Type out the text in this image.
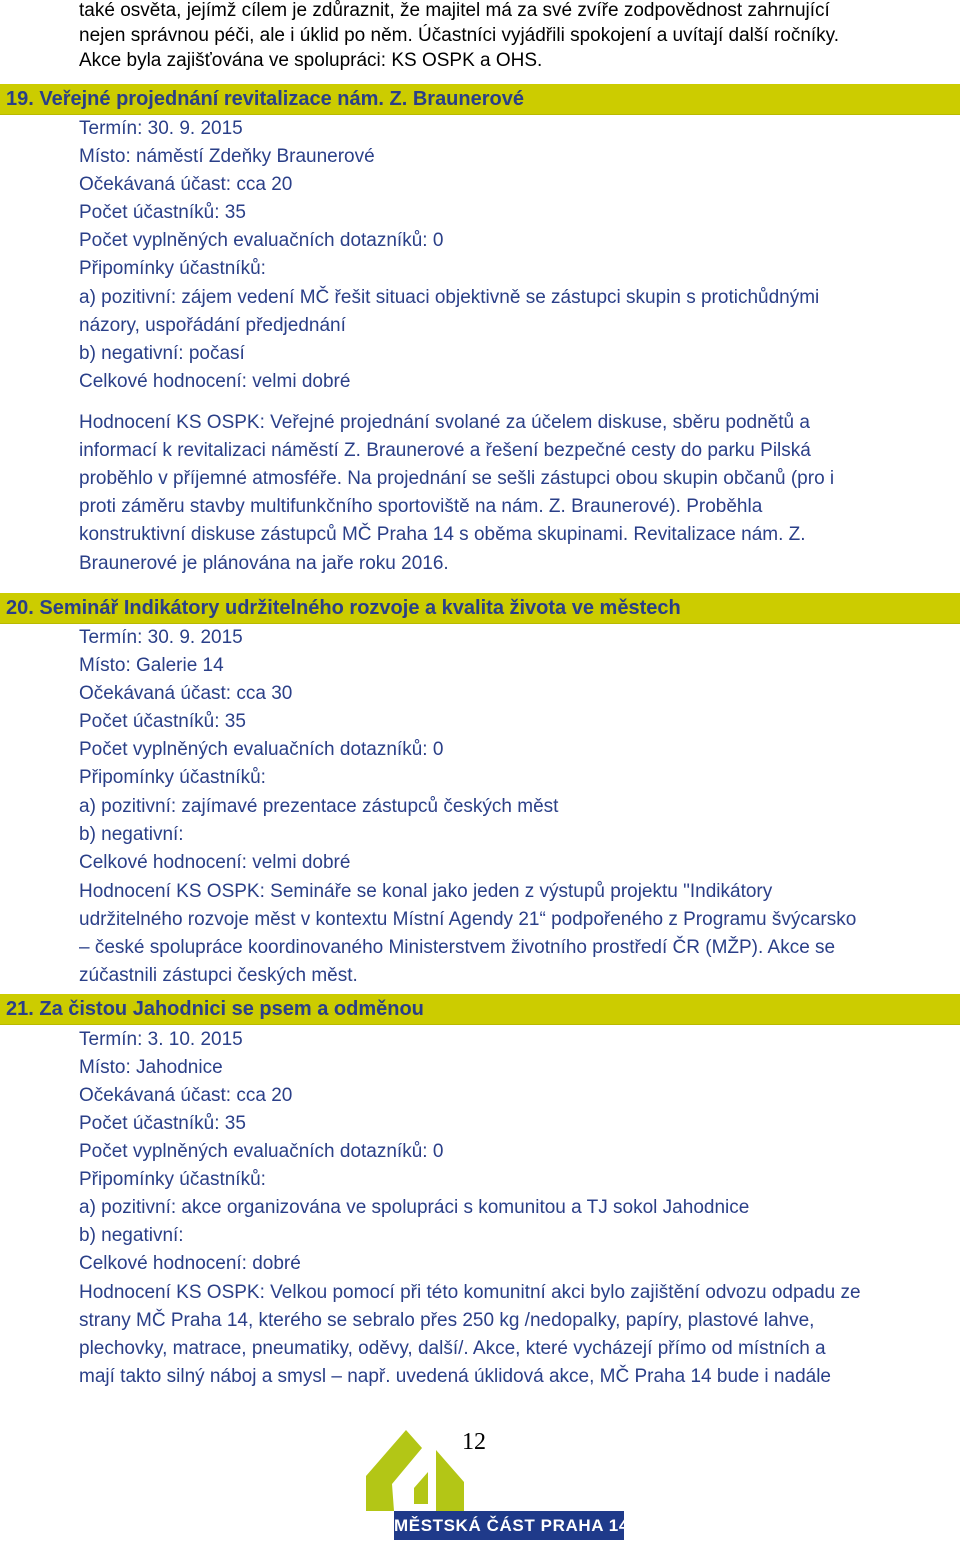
také osvěta, jejímž cílem je zdůraznit, že majitel má za své zvíře zodpovědnost zahrnující

nejen správnou péči, ale i úklid po něm. Účastníci vyjádřili spokojení a uvítají další ročníky.

Akce byla zajišťována ve spolupráci: KS OSPK a OHS.

19. Veřejné projednání revitalizace nám. Z. Braunerové

Termín: 30. 9. 2015

Místo: náměstí Zdeňky Braunerové

Očekávaná účast: cca 20

Počet účastníků: 35

Počet vyplněných evaluačních dotazníků: 0

Připomínky účastníků:

a) pozitivní: zájem vedení MČ řešit situaci objektivně se zástupci skupin s protichůdnými

názory, uspořádání předjednání

b) negativní: počasí

Celkové hodnocení: velmi dobré

Hodnocení KS OSPK: Veřejné projednání svolané za účelem diskuse, sběru podnětů a

informací k revitalizaci náměstí Z. Braunerové a řešení bezpečné cesty do parku Pilská

proběhlo v příjemné atmosféře. Na projednání se sešli zástupci obou skupin občanů (pro i

proti záměru stavby multifunkčního sportoviště na nám. Z. Braunerové). Proběhla

konstruktivní diskuse zástupců MČ Praha 14 s oběma skupinami. Revitalizace nám. Z.

Braunerové je plánována na jaře roku 2016.

20. Seminář Indikátory udržitelného rozvoje a kvalita života ve městech

Termín: 30. 9. 2015

Místo: Galerie 14

Očekávaná účast: cca 30

Počet účastníků: 35

Počet vyplněných evaluačních dotazníků: 0

Připomínky účastníků:

a) pozitivní: zajímavé prezentace zástupců českých měst

b) negativní:

Celkové hodnocení: velmi dobré

Hodnocení KS OSPK: Semináře se konal jako jeden z výstupů projektu "Indikátory

udržitelného rozvoje měst v kontextu Místní Agendy 21“ podpořeného z Programu švýcarsko

– české spolupráce koordinovaného Ministerstvem životního prostředí ČR (MŽP). Akce se

zúčastnili zástupci českých měst.

21. Za čistou Jahodnici se psem a odměnou

Termín: 3. 10. 2015

Místo: Jahodnice

Očekávaná účast: cca 20

Počet účastníků: 35

Počet vyplněných evaluačních dotazníků: 0

Připomínky účastníků:

a) pozitivní: akce organizována ve spolupráci s komunitou a TJ sokol Jahodnice

b) negativní:

Celkové hodnocení: dobré

Hodnocení KS OSPK: Velkou pomocí při této komunitní akci bylo zajištění odvozu odpadu ze

strany MČ Praha 14, kterého se sebralo přes 250 kg /nedopalky, papíry, plastové lahve,

plechovky, matrace, pneumatiky, oděvy, další/. Akce, které vycházejí přímo od místních a

mají takto silný náboj a smysl – např. uvedená úklidová akce, MČ Praha 14 bude i nadále

12

MĚSTSKÁ ČÁST PRAHA 14
